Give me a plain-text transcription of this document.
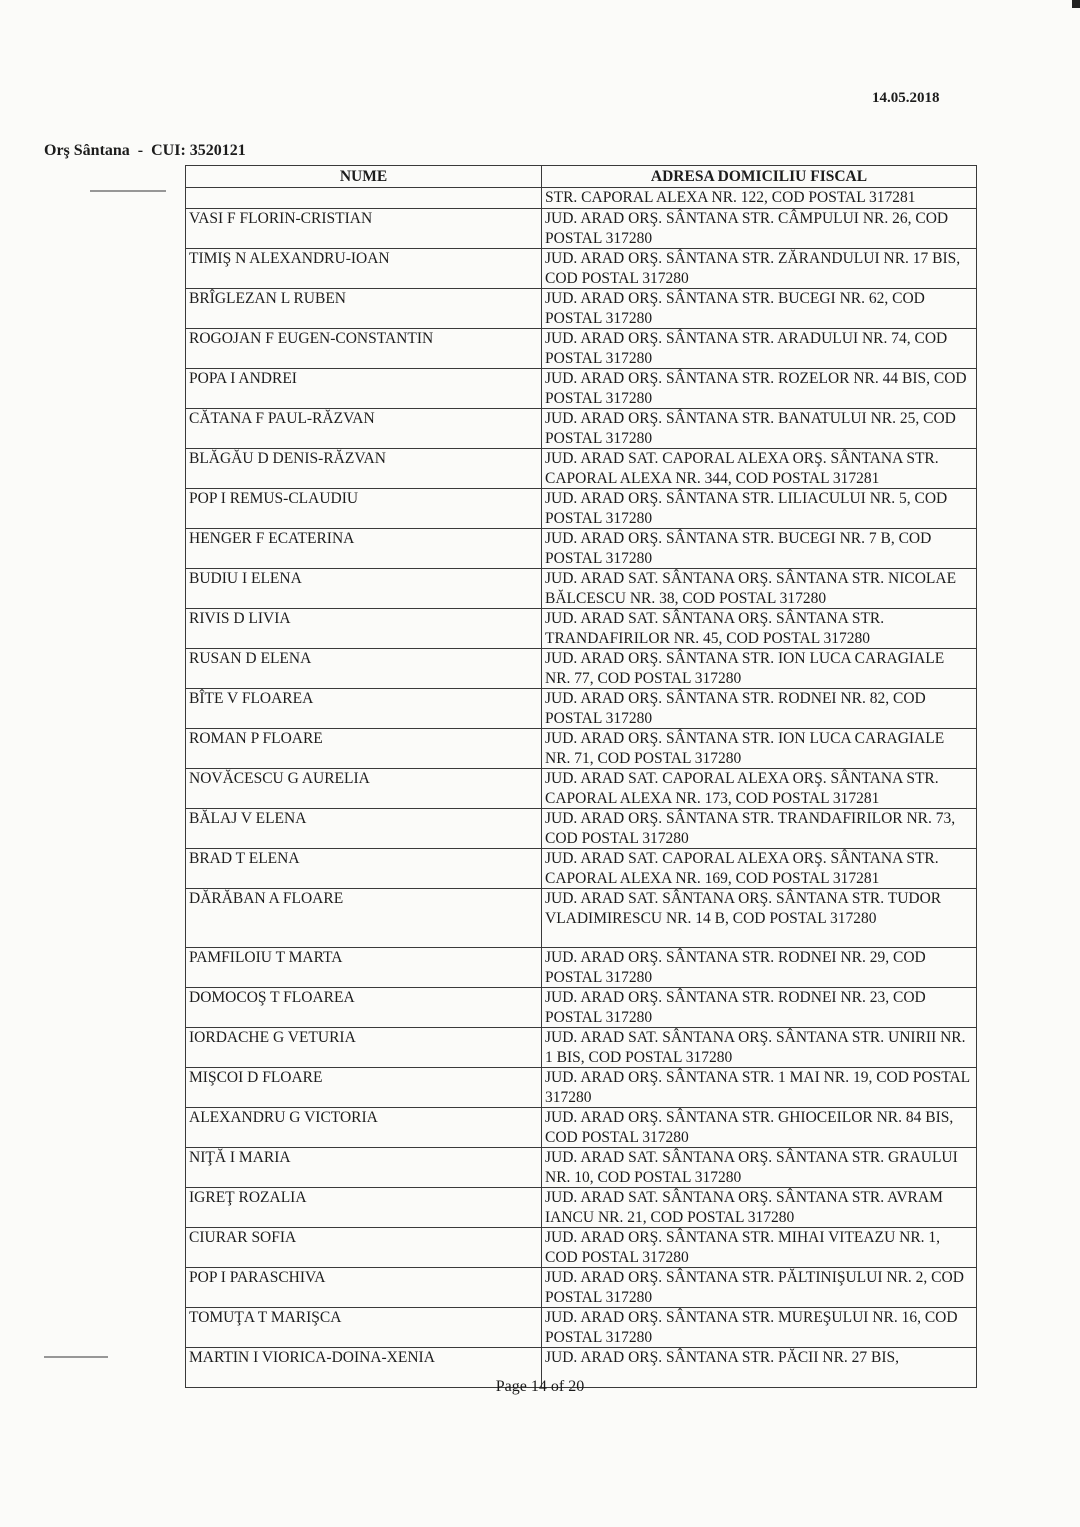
14.05.2018
Orş Sântana - CUI: 3520121
NUME	ADRESA DOMICILIU FISCAL
	STR. CAPORAL ALEXA NR. 122, COD POSTAL 317281
VASI F FLORIN-CRISTIAN	JUD. ARAD ORŞ. SÂNTANA STR. CÂMPULUI NR. 26, COD POSTAL 317280
TIMIŞ N ALEXANDRU-IOAN	JUD. ARAD ORŞ. SÂNTANA STR. ZĂRANDULUI NR. 17 BIS, COD POSTAL 317280
BRÎGLEZAN L RUBEN	JUD. ARAD ORŞ. SÂNTANA STR. BUCEGI NR. 62, COD POSTAL 317280
ROGOJAN F EUGEN-CONSTANTIN	JUD. ARAD ORŞ. SÂNTANA STR. ARADULUI NR. 74, COD POSTAL 317280
POPA I ANDREI	JUD. ARAD ORŞ. SÂNTANA STR. ROZELOR NR. 44 BIS, COD POSTAL 317280
CĂTANA F PAUL-RĂZVAN	JUD. ARAD ORŞ. SÂNTANA STR. BANATULUI NR. 25, COD POSTAL 317280
BLĂGĂU D DENIS-RĂZVAN	JUD. ARAD SAT. CAPORAL ALEXA ORŞ. SÂNTANA STR. CAPORAL ALEXA NR. 344, COD POSTAL 317281
POP I REMUS-CLAUDIU	JUD. ARAD ORŞ. SÂNTANA STR. LILIACULUI NR. 5, COD POSTAL 317280
HENGER F ECATERINA	JUD. ARAD ORŞ. SÂNTANA STR. BUCEGI NR. 7 B, COD POSTAL 317280
BUDIU I ELENA	JUD. ARAD SAT. SÂNTANA ORŞ. SÂNTANA STR. NICOLAE BĂLCESCU NR. 38, COD POSTAL 317280
RIVIS D LIVIA	JUD. ARAD SAT. SÂNTANA ORŞ. SÂNTANA STR. TRANDAFIRILOR NR. 45, COD POSTAL 317280
RUSAN D ELENA	JUD. ARAD ORŞ. SÂNTANA STR. ION LUCA CARAGIALE NR. 77, COD POSTAL 317280
BÎTE V FLOAREA	JUD. ARAD ORŞ. SÂNTANA STR. RODNEI NR. 82, COD POSTAL 317280
ROMAN P FLOARE	JUD. ARAD ORŞ. SÂNTANA STR. ION LUCA CARAGIALE NR. 71, COD POSTAL 317280
NOVĂCESCU G AURELIA	JUD. ARAD SAT. CAPORAL ALEXA ORŞ. SÂNTANA STR. CAPORAL ALEXA NR. 173, COD POSTAL 317281
BĂLAJ V ELENA	JUD. ARAD ORŞ. SÂNTANA STR. TRANDAFIRILOR NR. 73, COD POSTAL 317280
BRAD T ELENA	JUD. ARAD SAT. CAPORAL ALEXA ORŞ. SÂNTANA STR. CAPORAL ALEXA NR. 169, COD POSTAL 317281
DĂRĂBAN A FLOARE	JUD. ARAD SAT. SÂNTANA ORŞ. SÂNTANA STR. TUDOR VLADIMIRESCU NR. 14 B, COD POSTAL 317280
PAMFILOIU T MARTA	JUD. ARAD ORŞ. SÂNTANA STR. RODNEI NR. 29, COD POSTAL 317280
DOMOCOŞ T FLOAREA	JUD. ARAD ORŞ. SÂNTANA STR. RODNEI NR. 23, COD POSTAL 317280
IORDACHE G VETURIA	JUD. ARAD SAT. SÂNTANA ORŞ. SÂNTANA STR. UNIRII NR. 1 BIS, COD POSTAL 317280
MIŞCOI D FLOARE	JUD. ARAD ORŞ. SÂNTANA STR. 1 MAI NR. 19, COD POSTAL 317280
ALEXANDRU G VICTORIA	JUD. ARAD ORŞ. SÂNTANA STR. GHIOCEILOR NR. 84 BIS, COD POSTAL 317280
NIŢĂ I MARIA	JUD. ARAD SAT. SÂNTANA ORŞ. SÂNTANA STR. GRAULUI NR. 10, COD POSTAL 317280
IGREŢ ROZALIA	JUD. ARAD SAT. SÂNTANA ORŞ. SÂNTANA STR. AVRAM IANCU NR. 21, COD POSTAL 317280
CIURAR SOFIA	JUD. ARAD ORŞ. SÂNTANA STR. MIHAI VITEAZU NR. 1, COD POSTAL 317280
POP I PARASCHIVA	JUD. ARAD ORŞ. SÂNTANA STR. PĂLTINIŞULUI NR. 2, COD POSTAL 317280
TOMUŢA T MARIŞCA	JUD. ARAD ORŞ. SÂNTANA STR. MUREŞULUI NR. 16, COD POSTAL 317280
MARTIN I VIORICA-DOINA-XENIA	JUD. ARAD ORŞ. SÂNTANA STR. PĂCII NR. 27 BIS,
Page 14 of 20
